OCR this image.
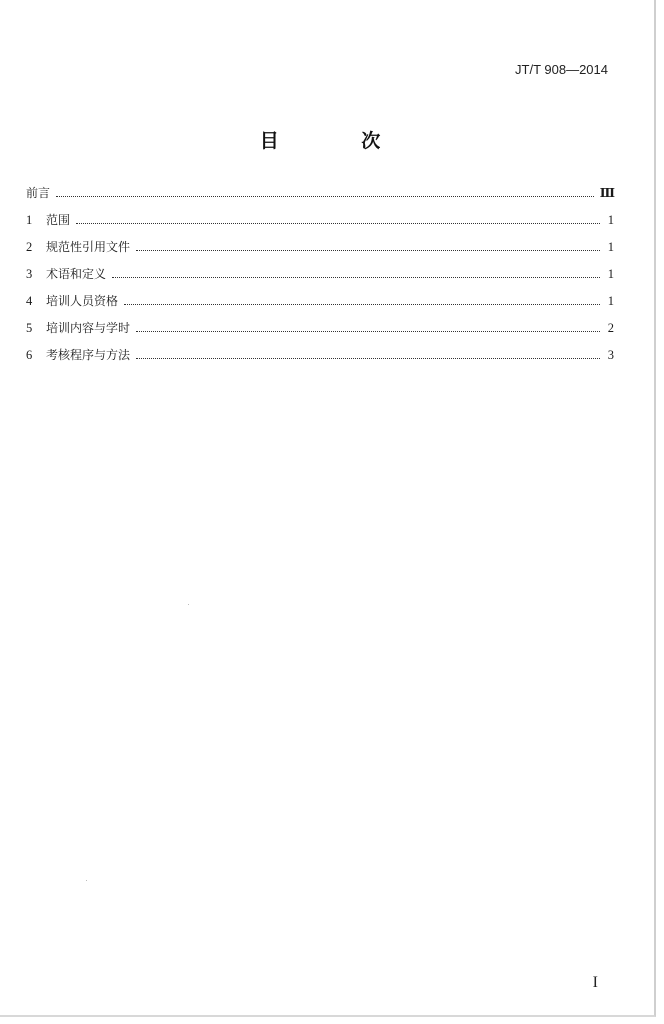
JT/T 908—2014
目 次
前言	Ⅲ
1	范围	1
2	规范性引用文件	1
3	术语和定义	1
4	培训人员资格	1
5	培训内容与学时	2
6	考核程序与方法	3
I
